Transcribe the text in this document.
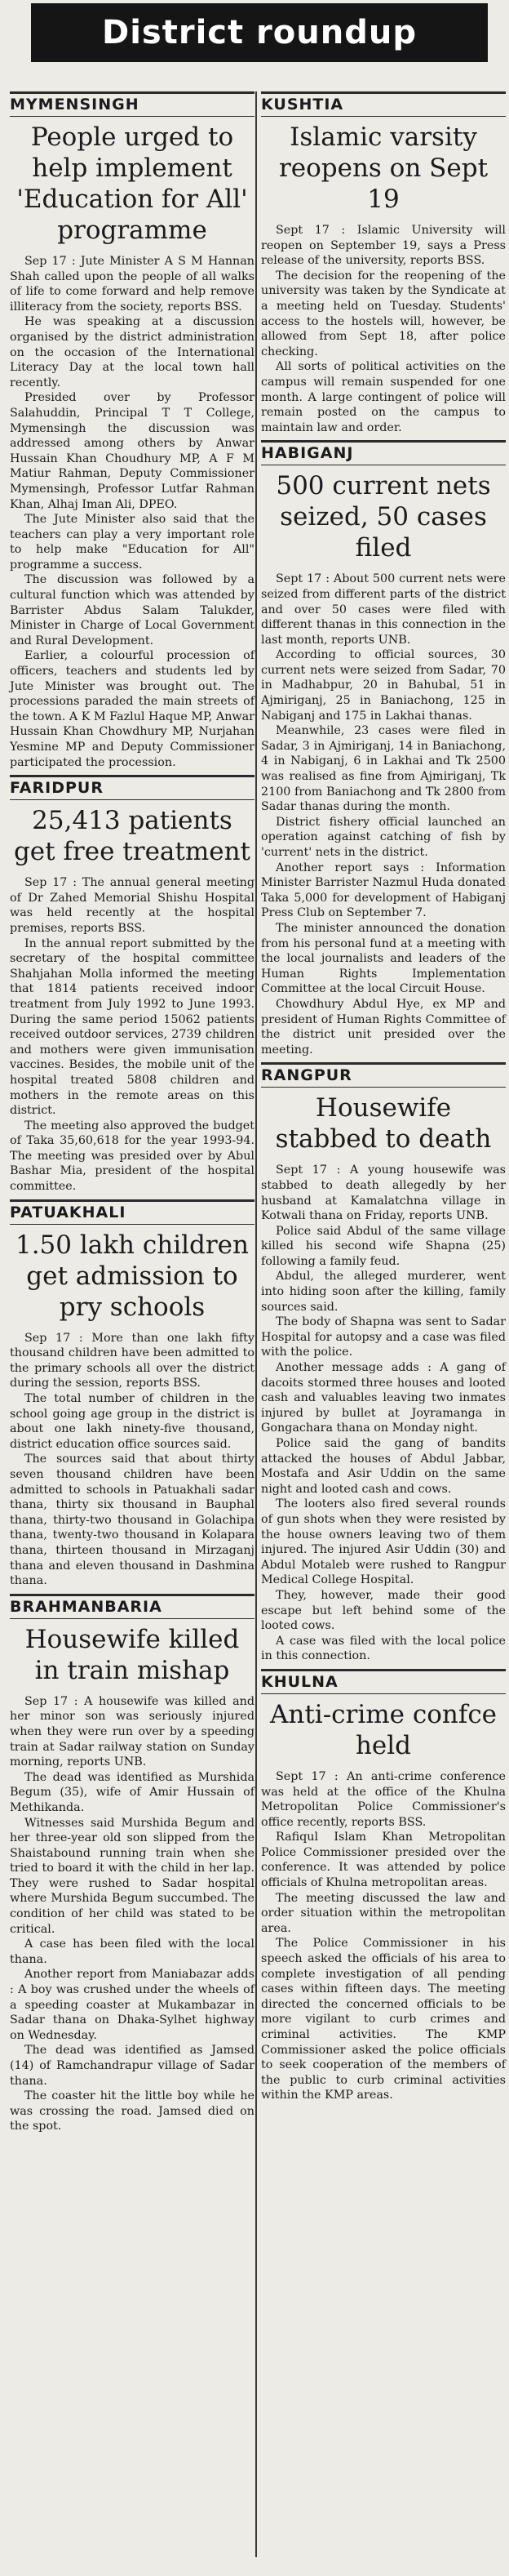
District roundup
MYMENSINGH
People urged to help implement 'Education for All' programme

Sep 17 : Jute Minister A S M Hannan Shah called upon the people of all walks of life to come forward and help remove illiteracy from the society, reports BSS.

He was speaking at a discussion organised by the district administration on the occasion of the International Literacy Day at the local town hall recently.

Presided over by Professor Salahuddin, Principal T T College, Mymensingh the discussion was addressed among others by Anwar Hussain Khan Choudhury MP, A F M Matiur Rahman, Deputy Commissioner Mymensingh, Professor Lutfar Rahman Khan, Alhaj Iman Ali, DPEO.

The Jute Minister also said that the teachers can play a very important role to help make "Education for All" programme a success.

The discussion was followed by a cultural function which was attended by Barrister Abdus Salam Talukder, Minister in Charge of Local Government and Rural Development.

Earlier, a colourful procession of officers, teachers and students led by Jute Minister was brought out. The processions paraded the main streets of the town. A K M Fazlul Haque MP, Anwar Hussain Khan Chowdhury MP, Nurjahan Yesmine MP and Deputy Commissioner participated the procession.

FARIDPUR
25,413 patients get free treatment

Sep 17 : The annual general meeting of Dr Zahed Memorial Shishu Hospital was held recently at the hospital premises, reports BSS.

In the annual report submitted by the secretary of the hospital committee Shahjahan Molla informed the meeting that 1814 patients received indoor treatment from July 1992 to June 1993. During the same period 15062 patients received outdoor services, 2739 children and mothers were given immunisation vaccines. Besides, the mobile unit of the hospital treated 5808 children and mothers in the remote areas on this district.

The meeting also approved the budget of Taka 35,60,618 for the year 1993-94. The meeting was presided over by Abul Bashar Mia, president of the hospital committee.

PATUAKHALI
1.50 lakh children get admission to pry schools

Sep 17 : More than one lakh fifty thousand children have been admitted to the primary schools all over the district during the session, reports BSS.

The total number of children in the school going age group in the district is about one lakh ninety-five thousand, district education office sources said.

The sources said that about thirty seven thousand children have been admitted to schools in Patuakhali sadar thana, thirty six thousand in Bauphal thana, thirty-two thousand in Golachipa thana, twenty-two thousand in Kolapara thana, thirteen thousand in Mirzaganj thana and eleven thousand in Dashmina thana.

BRAHMANBARIA
Housewife killed in train mishap

Sep 17 : A housewife was killed and her minor son was seriously injured when they were run over by a speeding train at Sadar railway station on Sunday morning, reports UNB.

The dead was identified as Murshida Begum (35), wife of Amir Hussain of Methikanda.

Witnesses said Murshida Begum and her three-year old son slipped from the Shaistabound running train when she tried to board it with the child in her lap. They were rushed to Sadar hospital where Murshida Begum succumbed. The condition of her child was stated to be critical.

A case has been filed with the local thana.

Another report from Maniabazar adds : A boy was crushed under the wheels of a speeding coaster at Mukambazar in Sadar thana on Dhaka-Sylhet highway on Wednesday.

The dead was identified as Jamsed (14) of Ramchandrapur village of Sadar thana.

The coaster hit the little boy while he was crossing the road. Jamsed died on the spot.

KUSHTIA
Islamic varsity reopens on Sept 19

Sept 17 : Islamic University will reopen on September 19, says a Press release of the university, reports BSS.

The decision for the reopening of the university was taken by the Syndicate at a meeting held on Tuesday. Students' access to the hostels will, however, be allowed from Sept 18, after police checking.

All sorts of political activities on the campus will remain suspended for one month. A large contingent of police will remain posted on the campus to maintain law and order.

HABIGANJ
500 current nets seized, 50 cases filed

Sept 17 : About 500 current nets were seized from different parts of the district and over 50 cases were filed with different thanas in this connection in the last month, reports UNB.

According to official sources, 30 current nets were seized from Sadar, 70 in Madhabpur, 20 in Bahubal, 51 in Ajmiriganj, 25 in Baniachong, 125 in Nabiganj and 175 in Lakhai thanas.

Meanwhile, 23 cases were filed in Sadar, 3 in Ajmiriganj, 14 in Baniachong, 4 in Nabiganj, 6 in Lakhai and Tk 2500 was realised as fine from Ajmiriganj, Tk 2100 from Baniachong and Tk 2800 from Sadar thanas during the month.

District fishery official launched an operation against catching of fish by 'current' nets in the district.

Another report says : Information Minister Barrister Nazmul Huda donated Taka 5,000 for development of Habiganj Press Club on September 7.

The minister announced the donation from his personal fund at a meeting with the local journalists and leaders of the Human Rights Implementation Committee at the local Circuit House.

Chowdhury Abdul Hye, ex MP and president of Human Rights Committee of the district unit presided over the meeting.

RANGPUR
Housewife stabbed to death

Sept 17 : A young housewife was stabbed to death allegedly by her husband at Kamalatchna village in Kotwali thana on Friday, reports UNB.

Police said Abdul of the same village killed his second wife Shapna (25) following a family feud.

Abdul, the alleged murderer, went into hiding soon after the killing, family sources said.

The body of Shapna was sent to Sadar Hospital for autopsy and a case was filed with the police.

Another message adds : A gang of dacoits stormed three houses and looted cash and valuables leaving two inmates injured by bullet at Joyramanga in Gongachara thana on Monday night.

Police said the gang of bandits attacked the houses of Abdul Jabbar, Mostafa and Asir Uddin on the same night and looted cash and cows.

The looters also fired several rounds of gun shots when they were resisted by the house owners leaving two of them injured. The injured Asir Uddin (30) and Abdul Motaleb were rushed to Rangpur Medical College Hospital.

They, however, made their good escape but left behind some of the looted cows.

A case was filed with the local police in this connection.

KHULNA
Anti-crime confce held

Sept 17 : An anti-crime conference was held at the office of the Khulna Metropolitan Police Commissioner's office recently, reports BSS.

Rafiqul Islam Khan Metropolitan Police Commissioner presided over the conference. It was attended by police officials of Khulna metropolitan areas.

The meeting discussed the law and order situation within the metropolitan area.

The Police Commissioner in his speech asked the officials of his area to complete investigation of all pending cases within fifteen days. The meeting directed the concerned officials to be more vigilant to curb crimes and criminal activities. The KMP Commissioner asked the police officials to seek cooperation of the members of the public to curb criminal activities within the KMP areas.
